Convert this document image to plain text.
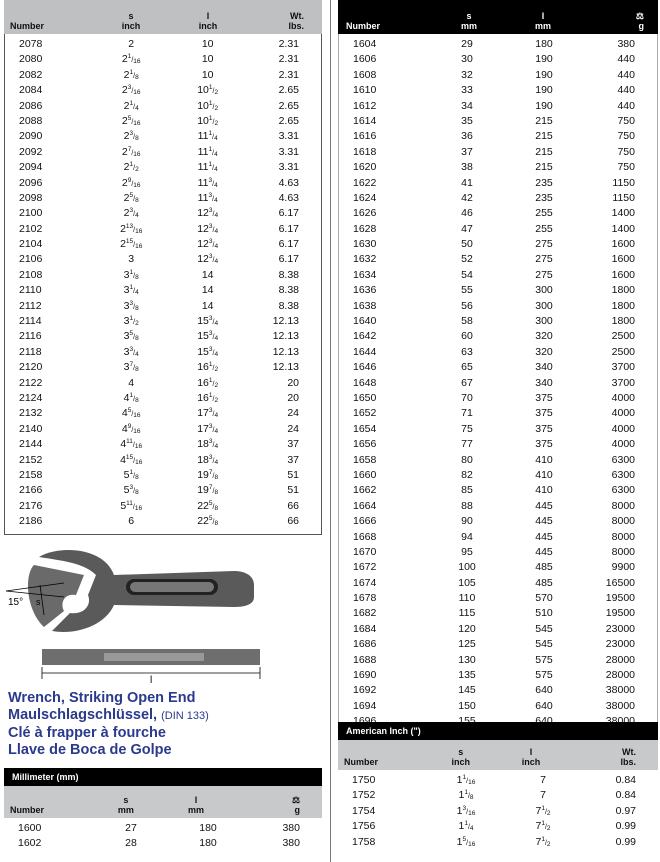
Number
s
inch
l
inch
Wt.
lbs.
2078	2	10	2.31
2080	2$^1$/16	10	2.31
2082	2$^1$/8	10	2.31
2084	2$^3$/16	10$^1$/2	2.65
2086	2$^1$/4	10$^1$/2	2.65
2088	2$^5$/16	10$^1$/2	2.65
2090	2$^3$/8	11$^1$/4	3.31
2092	2$^7$/16	11$^1$/4	3.31
2094	2$^1$/2	11$^1$/4	3.31
2096	2$^9$/16	11$^3$/4	4.63
2098	2$^5$/8	11$^3$/4	4.63
2100	2$^3$/4	12$^3$/4	6.17
2102	2$^{13}$/16	12$^3$/4	6.17
2104	2$^{15}$/16	12$^3$/4	6.17
2106	3	12$^3$/4	6.17
2108	3$^1$/8	14	8.38
2110	3$^1$/4	14	8.38
2112	3$^3$/8	14	8.38
2114	3$^1$/2	15$^3$/4	12.13
2116	3$^5$/8	15$^3$/4	12.13
2118	3$^3$/4	15$^3$/4	12.13
2120	3$^7$/8	16$^1$/2	12.13
2122	4	16$^1$/2	20
2124	4$^1$/8	16$^1$/2	20
2132	4$^5$/16	17$^3$/4	24
2140	4$^9$/16	17$^3$/4	24
2144	4$^{11}$/16	18$^3$/4	37
2152	4$^{15}$/16	18$^3$/4	37
2158	5$^1$/8	19$^7$/8	51
2166	5$^3$/8	19$^7$/8	51
2176	5$^{11}$/16	22$^5$/8	66
2186	6	22$^5$/8	66
15° s
l
Wrench, Striking Open End
Maulschlagschlüssel, (DIN 133)
Clé à frapper à fourche
Llave de Boca de Golpe
Millimeter (mm)
Number
s
mm
l
mm
⚖
g
1600	27	180	380
1602	28	180	380
Number
s
mm
l
mm
⚖
g
1604	29	180	380
1606	30	190	440
1608	32	190	440
1610	33	190	440
1612	34	190	440
1614	35	215	750
1616	36	215	750
1618	37	215	750
1620	38	215	750
1622	41	235	1150
1624	42	235	1150
1626	46	255	1400
1628	47	255	1400
1630	50	275	1600
1632	52	275	1600
1634	54	275	1600
1636	55	300	1800
1638	56	300	1800
1640	58	300	1800
1642	60	320	2500
1644	63	320	2500
1646	65	340	3700
1648	67	340	3700
1650	70	375	4000
1652	71	375	4000
1654	75	375	4000
1656	77	375	4000
1658	80	410	6300
1660	82	410	6300
1662	85	410	6300
1664	88	445	8000
1666	90	445	8000
1668	94	445	8000
1670	95	445	8000
1672	100	485	9900
1674	105	485	16500
1678	110	570	19500
1682	115	510	19500
1684	120	545	23000
1686	125	545	23000
1688	130	575	28000
1690	135	575	28000
1692	145	640	38000
1694	150	640	38000
American Inch (")
Number
s
inch
l
inch
Wt.
lbs.
1750	1$^1$/16	7	0.84
1752	1$^1$/8	7	0.84
1754	1$^3$/16	7$^1$/2	0.97
1756	1$^1$/4	7$^1$/2	0.99
1758	1$^5$/16	7$^1$/2	0.99
